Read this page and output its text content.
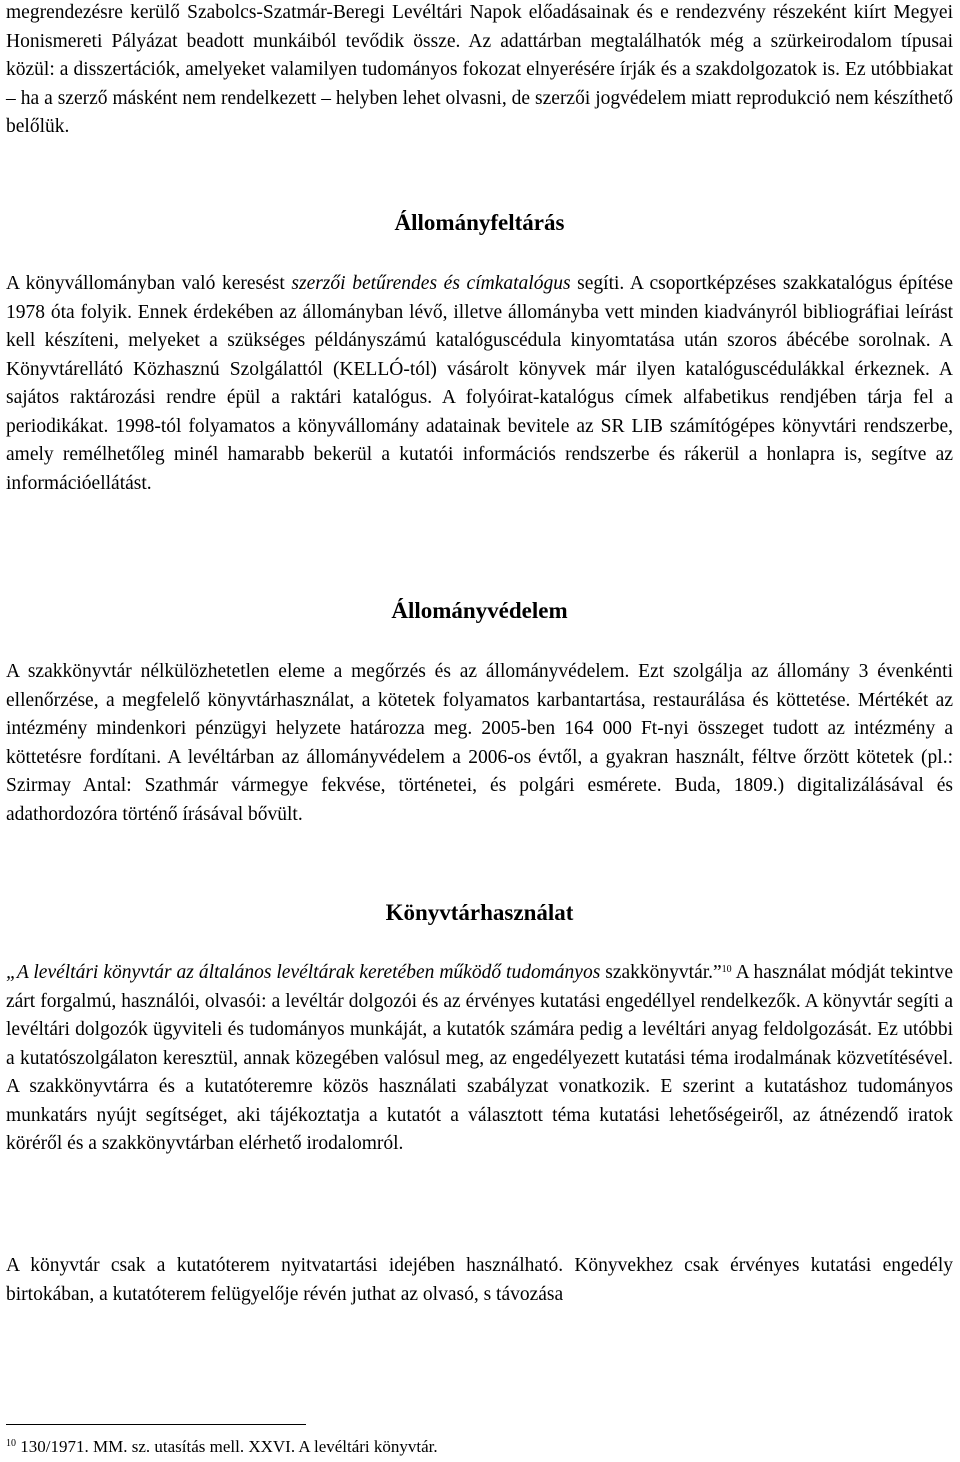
megrendezésre kerülő Szabolcs-Szatmár-Beregi Levéltári Napok előadásainak és e rendezvény részeként kiírt Megyei Honismereti Pályázat beadott munkáiból tevődik össze. Az adattárban megtalálhatók még a szürkeirodalom típusai közül: a disszertációk, amelyeket valamilyen tudományos fokozat elnyerésére írják és a szakdolgozatok is. Ez utóbbiakat – ha a szerző másként nem rendelkezett – helyben lehet olvasni, de szerzői jogvédelem miatt reprodukció nem készíthető belőlük.

Állományfeltárás

A könyvállományban való keresést szerzői betűrendes és címkatalógus segíti. A csoportképzéses szakkatalógus építése 1978 óta folyik. Ennek érdekében az állományban lévő, illetve állományba vett minden kiadványról bibliográfiai leírást kell készíteni, melyeket a szükséges példányszámú katalóguscédula kinyomtatása után szoros ábécébe sorolnak. A Könyvtárellátó Közhasznú Szolgálattól (KELLÓ-tól) vásárolt könyvek már ilyen katalóguscédulákkal érkeznek. A sajátos raktározási rendre épül a raktári katalógus. A folyóirat-katalógus címek alfabetikus rendjében tárja fel a periodikákat. 1998-tól folyamatos a könyvállomány adatainak bevitele az SR LIB számítógépes könyvtári rendszerbe, amely remélhetőleg minél hamarabb bekerül a kutatói információs rendszerbe és rákerül a honlapra is, segítve az információellátást.

Állományvédelem

A szakkönyvtár nélkülözhetetlen eleme a megőrzés és az állományvédelem. Ezt szolgálja az állomány 3 évenkénti ellenőrzése, a megfelelő könyvtárhasználat, a kötetek folyamatos karbantartása, restaurálása és köttetése. Mértékét az intézmény mindenkori pénzügyi helyzete határozza meg. 2005-ben 164 000 Ft-nyi összeget tudott az intézmény a köttetésre fordítani. A levéltárban az állományvédelem a 2006-os évtől, a gyakran használt, féltve őrzött kötetek (pl.: Szirmay Antal: Szathmár vármegye fekvése, történetei, és polgári esmérete. Buda, 1809.) digitalizálásával és adathordozóra történő írásával bővült.

Könyvtárhasználat

„A levéltári könyvtár az általános levéltárak keretében működő tudományos szakkönyvtár.”$^{10}$ A használat módját tekintve zárt forgalmú, használói, olvasói: a levéltár dolgozói és az érvényes kutatási engedéllyel rendelkezők. A könyvtár segíti a levéltári dolgozók ügyviteli és tudományos munkáját, a kutatók számára pedig a levéltári anyag feldolgozását. Ez utóbbi a kutatószolgálaton keresztül, annak közegében valósul meg, az engedélyezett kutatási téma irodalmának közvetítésével. A szakkönyvtárra és a kutatóteremre közös használati szabályzat vonatkozik. E szerint a kutatáshoz tudományos munkatárs nyújt segítséget, aki tájékoztatja a kutatót a választott téma kutatási lehetőségeiről, az átnézendő iratok köréről és a szakkönyvtárban elérhető irodalomról.

A könyvtár csak a kutatóterem nyitvatartási idejében használható. Könyvekhez csak érvényes kutatási engedély birtokában, a kutatóterem felügyelője révén juthat az olvasó, s távozása

$^{10}$ 130/1971. MM. sz. utasítás mell. XXVI. A levéltári könyvtár.
